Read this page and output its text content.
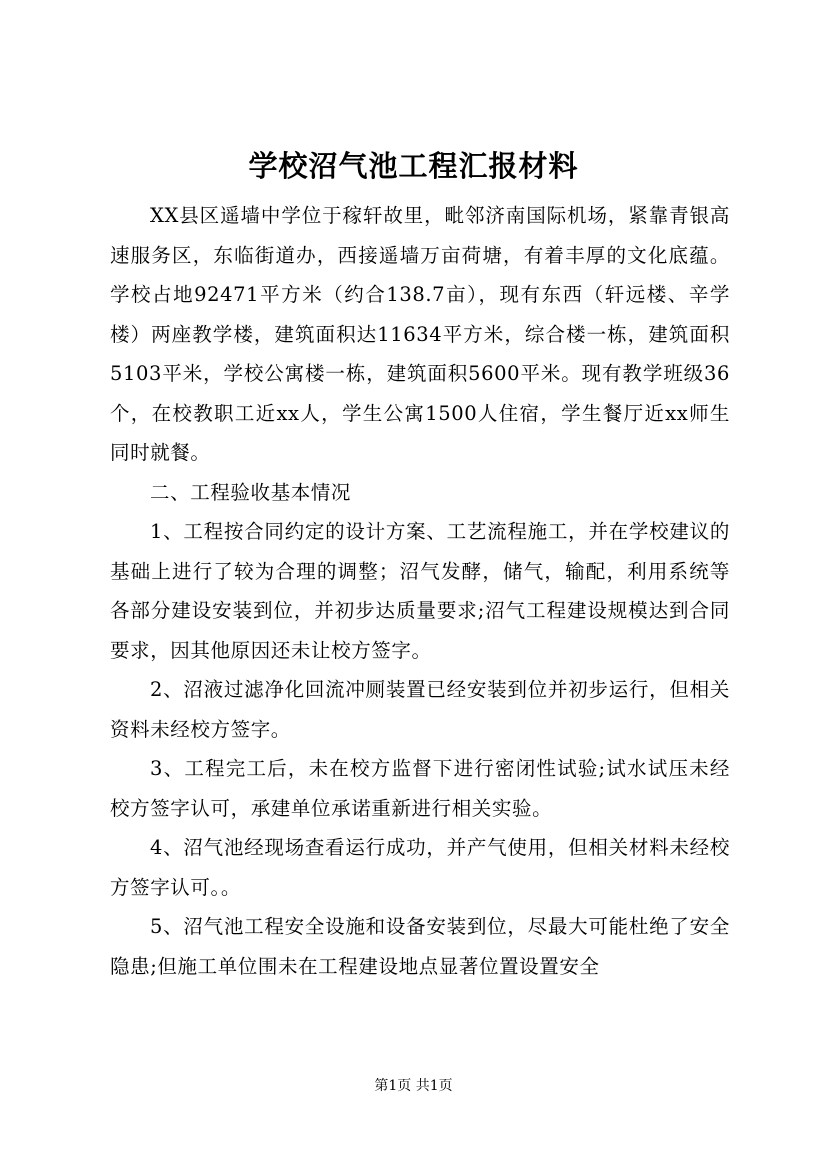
学校沼气池工程汇报材料

XX县区遥墙中学位于稼轩故里，毗邻济南国际机场，紧靠青银高速服务区，东临街道办，西接遥墙万亩荷塘，有着丰厚的文化底蕴。学校占地92471平方米（约合138.7亩），现有东西（轩远楼、辛学楼）两座教学楼，建筑面积达11634平方米，综合楼一栋，建筑面积5103平米，学校公寓楼一栋，建筑面积5600平米。现有教学班级36个，在校教职工近xx人，学生公寓1500人住宿，学生餐厅近xx师生同时就餐。

二、工程验收基本情况

1、工程按合同约定的设计方案、工艺流程施工，并在学校建议的基础上进行了较为合理的调整；沼气发酵，储气，输配，利用系统等各部分建设安装到位，并初步达质量要求;沼气工程建设规模达到合同要求，因其他原因还未让校方签字。

2、沼液过滤净化回流冲厕装置已经安装到位并初步运行，但相关资料未经校方签字。

3、工程完工后，未在校方监督下进行密闭性试验;试水试压未经校方签字认可，承建单位承诺重新进行相关实验。

4、沼气池经现场查看运行成功，并产气使用，但相关材料未经校方签字认可。。

5、沼气池工程安全设施和设备安装到位，尽最大可能杜绝了安全隐患;但施工单位围未在工程建设地点显著位置设置安全

第1页 共1页
